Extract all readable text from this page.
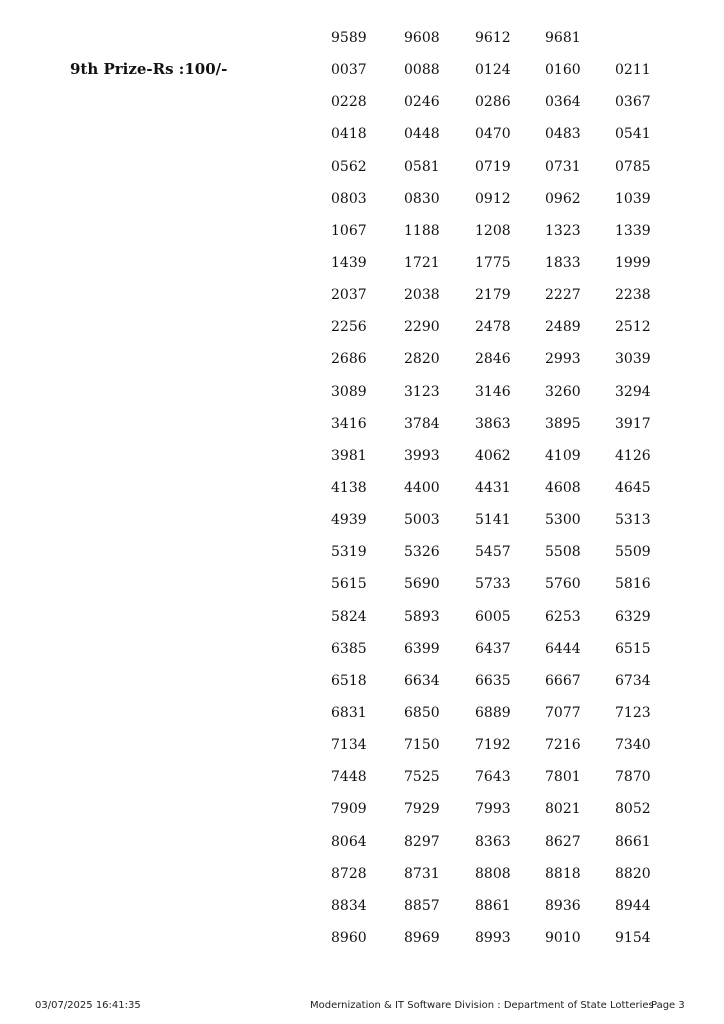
9th Prize-Rs :100/-
9589	9608	9612 9681
0037	0088	0124 0160 0211
0228	0246	0286 0364 0367
0418	0448	0470 0483 0541
0562	0581	0719 0731 0785
0803	0830	0912 0962 1039
1067	1188	1208 1323 1339
1439	1721	1775 1833 1999
2037	2038	2179 2227 2238
2256	2290	2478 2489 2512
2686	2820	2846 2993 3039
3089	3123	3146 3260 3294
3416	3784	3863 3895 3917
3981	3993	4062 4109 4126
4138	4400	4431 4608 4645
4939	5003	5141 5300 5313
5319	5326	5457 5508 5509
5615	5690	5733 5760 5816
5824	5893	6005 6253 6329
6385	6399	6437 6444 6515
6518	6634	6635 6667 6734
6831	6850	6889 7077 7123
7134	7150	7192 7216 7340
7448	7525	7643 7801 7870
7909	7929	7993 8021 8052
8064	8297	8363 8627 8661
8728	8731	8808 8818 8820
8834	8857	8861 8936 8944
8960	8969	8993 9010 9154
03/07/2025 16:41:35	Modernization & IT Software Division : Department of State Lotteries
Page 3
